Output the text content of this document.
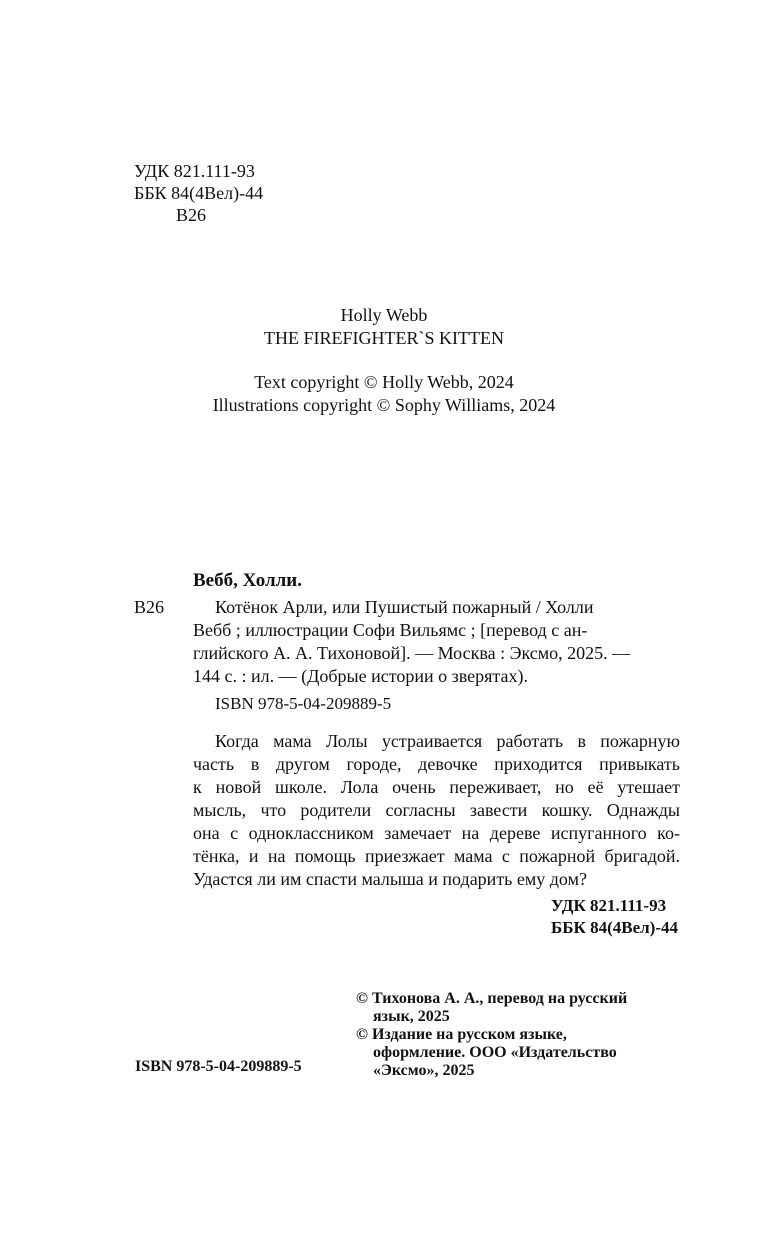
УДК 821.111-93
ББК 84(4Вел)-44
В26
Holly Webb
THE FIREFIGHTER`S KITTEN
Text copyright © Holly Webb, 2024
Illustrations copyright © Sophy Williams, 2024
Вебб, Холли.
В26	Котёнок Арли, или Пушистый пожарный / Холли
Вебб ; иллюстрации Софи Вильямс ; [перевод с ан-
глийского А. А. Тихоновой]. — Москва : Эксмо, 2025. —
144 с. : ил. — (Добрые истории о зверятах).
ISBN 978-5-04-209889-5
Когда мама Лолы устраивается работать в пожарную
часть в другом городе, девочке приходится привыкать
к новой школе. Лола очень переживает, но её утешает
мысль, что родители согласны завести кошку. Однажды
она с одноклассником замечает на дереве испуганного ко-
тёнка, и на помощь приезжает мама с пожарной бригадой.
Удастся ли им спасти малыша и подарить ему дом?
УДК 821.111-93
ББК 84(4Вел)-44
© Тихонова А. А., перевод на русский
язык, 2025
© Издание на русском языке,
оформление. ООО «Издательство
«Эксмо», 2025
ISBN 978-5-04-209889-5
